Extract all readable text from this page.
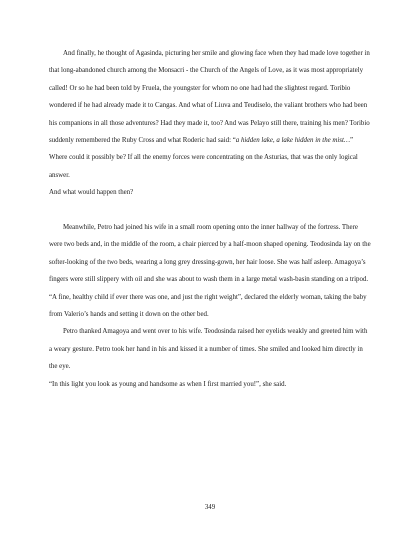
And finally, he thought of Agasinda, picturing her smile and glowing face when they had made love together in that long-abandoned church among the Monsacri - the Church of the Angels of Love, as it was most appropriately called! Or so he had been told by Fruela, the youngster for whom no one had had the slightest regard. Toribio wondered if he had already made it to Cangas. And what of Liuva and Teudiselo, the valiant brothers who had been his companions in all those adventures? Had they made it, too? And was Pelayo still there, training his men? Toribio suddenly remembered the Ruby Cross and what Roderic had said: “a hidden lake, a lake hidden in the mist…” Where could it possibly be? If all the enemy forces were concentrating on the Asturias, that was the only logical answer.

And what would happen then?

Meanwhile, Petro had joined his wife in a small room opening onto the inner hallway of the fortress. There were two beds and, in the middle of the room, a chair pierced by a half-moon shaped opening. Teodosinda lay on the softer-looking of the two beds, wearing a long grey dressing-gown, her hair loose. She was half asleep. Amagoya’s fingers were still slippery with oil and she was about to wash them in a large metal wash-basin standing on a tripod.

“A fine, healthy child if ever there was one, and just the right weight”, declared the elderly woman, taking the baby from Valerio’s hands and setting it down on the other bed.

Petro thanked Amagoya and went over to his wife. Teodosinda raised her eyelids weakly and greeted him with a weary gesture. Petro took her hand in his and kissed it a number of times. She smiled and looked him directly in the eye.

“In this light you look as young and handsome as when I first married you!”, she said.

349
